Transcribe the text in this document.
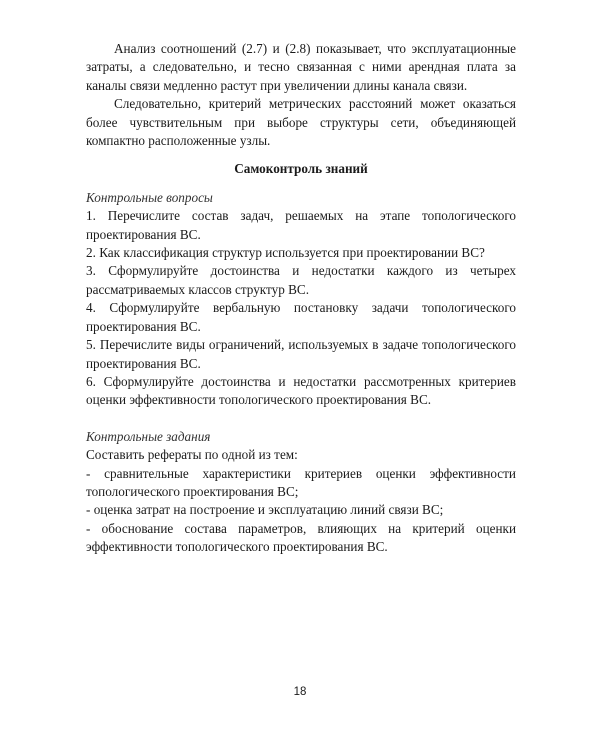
Анализ соотношений (2.7) и (2.8) показывает, что эксплуатационные затраты, а следовательно, и тесно связанная с ними арендная плата за каналы связи медленно растут при увеличении длины канала связи.

Следовательно, критерий метрических расстояний может оказаться более чувствительным при выборе структуры сети, объединяющей компактно расположенные узлы.

Самоконтроль знаний

Контрольные вопросы

1. Перечислите состав задач, решаемых на этапе топологического проектирования ВС.
2. Как классификация структур используется при проектировании ВС?
3. Сформулируйте достоинства и недостатки каждого из четырех рассматриваемых классов структур ВС.
4. Сформулируйте вербальную постановку задачи топологического проектирования ВС.
5. Перечислите виды ограничений, используемых в задаче топологического проектирования ВС.
6. Сформулируйте достоинства и недостатки рассмотренных критериев оценки эффективности топологического проектирования ВС.

Контрольные задания

Составить рефераты по одной из тем:

- сравнительные характеристики критериев оценки эффективности топологического проектирования ВС;
- оценка затрат на построение и эксплуатацию линий связи ВС;
- обоснование состава параметров, влияющих на критерий оценки эффективности топологического проектирования ВС.
18
